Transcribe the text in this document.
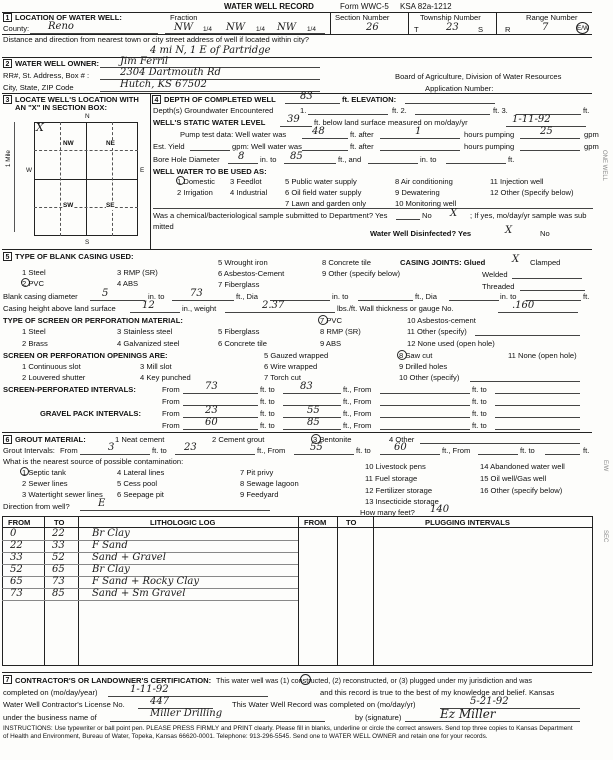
WATER WELL RECORD	Form WWC-5 KSA 82a-1212
1 LOCATION OF WATER WELL:	Fraction
County: Reno	NW 1/4 NW 1/4 NW 1/4
Section Number
26
Township Number
T	23	S
Range Number
R	7	E/W
Distance and direction from nearest town or city street address of well if located within city?
4 mi N, 1 E of Partridge
2 WATER WELL OWNER: Jim Ferril
RR#, St. Address, Box # :	2304 Dartmouth Rd
City, State, ZIP Code	Hutch, KS 67502
Board of Agriculture, Division of Water Resources
Application Number:
3 LOCATE WELL'S LOCATION WITH
AN "X" IN SECTION BOX:
N
S
W	E
1 Mile
NW	NE
SW	SE
X
4 DEPTH OF COMPLETED WELL 83	ft. ELEVATION:
Depth(s) Groundwater Encountered	1.	ft. 2.	ft. 3.	ft.
WELL'S STATIC WATER LEVEL 39 ft. below land surface measured on mo/day/yr	1-11-92
Pump test data: Well water was	48	ft. after	1	hours pumping	25	gpm
Est. Yield	gpm: Well water was	ft. after	hours pumping	gpm
Bore Hole Diameter 8 in. to 85	ft., and	in. to	ft.
WELL WATER TO BE USED AS:
1 Domestic 3 Feedlot	5 Public water supply	8 Air conditioning	11 Injection well
2 Irrigation 4 Industrial 6 Oil field water supply	9 Dewatering	12 Other (Specify below)
7 Lawn and garden only	10 Monitoring well
Was a chemical/bacteriological sample submitted to Department? Yes	No X ; If yes, mo/day/yr sample was sub
mitted
Water Well Disinfected? Yes	X	No
5 TYPE OF BLANK CASING USED:
5 Wrought iron	8 Concrete tile	CASING JOINTS: Glued	X Clamped
1 Steel	3 RMP (SR)	6 Asbestos-Cement	9 Other (specify below)	Welded
2 PVC	4 ABS	7 Fiberglass	Threaded
Blank casing diameter 5	in. to	73	ft., Dia	in. to	ft., Dia	in. to	ft.
Casing height above land surface	12	in., weight	2.37	lbs./ft. Wall thickness or gauge No.	.160
TYPE OF SCREEN OR PERFORATION MATERIAL:
1 Steel	3 Stainless steel	5 Fiberglass
7 PVC	10 Asbestos-cement
2 Brass	4 Galvanized steel	6 Concrete tile
8 RMP (SR)	11 Other (specify)
9 ABS	12 None used (open hole)
SCREEN OR PERFORATION OPENINGS ARE:	5 Gauzed wrapped	8 Saw cut	11 None (open hole)
1 Continuous slot	3 Mill slot	6 Wire wrapped	9 Drilled holes
2 Louvered shutter	4 Key punched	7 Torch cut	10 Other (specify)
SCREEN-PERFORATED INTERVALS:	From	73	ft. to	83	ft., From	ft. to
From	ft. to	ft., From	ft. to
GRAVEL PACK INTERVALS:	From	23	ft. to	55	ft., From	ft. to
From	60	ft. to	85	ft., From	ft. to
6 GROUT MATERIAL:	1 Neat cement	2 Cement grout	3 Bentonite	4 Other
Grout Intervals: From	3	ft. to 23	ft., From 55	ft. to 60	ft., From	ft. to	ft.
What is the nearest source of possible contamination:
1 Septic tank	4 Lateral lines	7 Pit privy
10 Livestock pens	14 Abandoned water well
2 Sewer lines	5 Cess pool	8 Sewage lagoon
11 Fuel storage	15 Oil well/Gas well
3 Watertight sewer lines 6 Seepage pit	9 Feedyard	12 Fertilizer storage	16 Other (specify below)
13 Insecticide storage
Direction from well?	E
How many feet? 140
FROM	TO	LITHOLOGIC LOG	FROM	TO	PLUGGING INTERVALS
0	22	Br Clay
22	33	F Sand
33	52	Sand + Gravel
52	65	Br Clay
65	73	F Sand + Rocky Clay
73	85	Sand + Sm Gravel
7 CONTRACTOR'S OR LANDOWNER'S CERTIFICATION: This water well was (1) constructed, (2) reconstructed, or (3) plugged under my jurisdiction and was
completed on (mo/day/year)	1-11-92	and this record is true to the best of my knowledge and belief. Kansas
Water Well Contractor's License No.	447	This Water Well Record was completed on (mo/day/yr)	5-21-92
under the business name of	Miller Drilling	by (signature)	Ez Miller
INSTRUCTIONS: Use typewriter or ball point pen. PLEASE PRESS FIRMLY and PRINT clearly. Please fill in blanks, underline or circle the correct answers. Send top three copies to Kansas Department
of Health and Environment, Bureau of Water, Topeka, Kansas 66620-0001. Telephone: 913-296-5545. Send one to WATER WELL OWNER and retain one for your records.
ONE WELL
E/W
SEC
